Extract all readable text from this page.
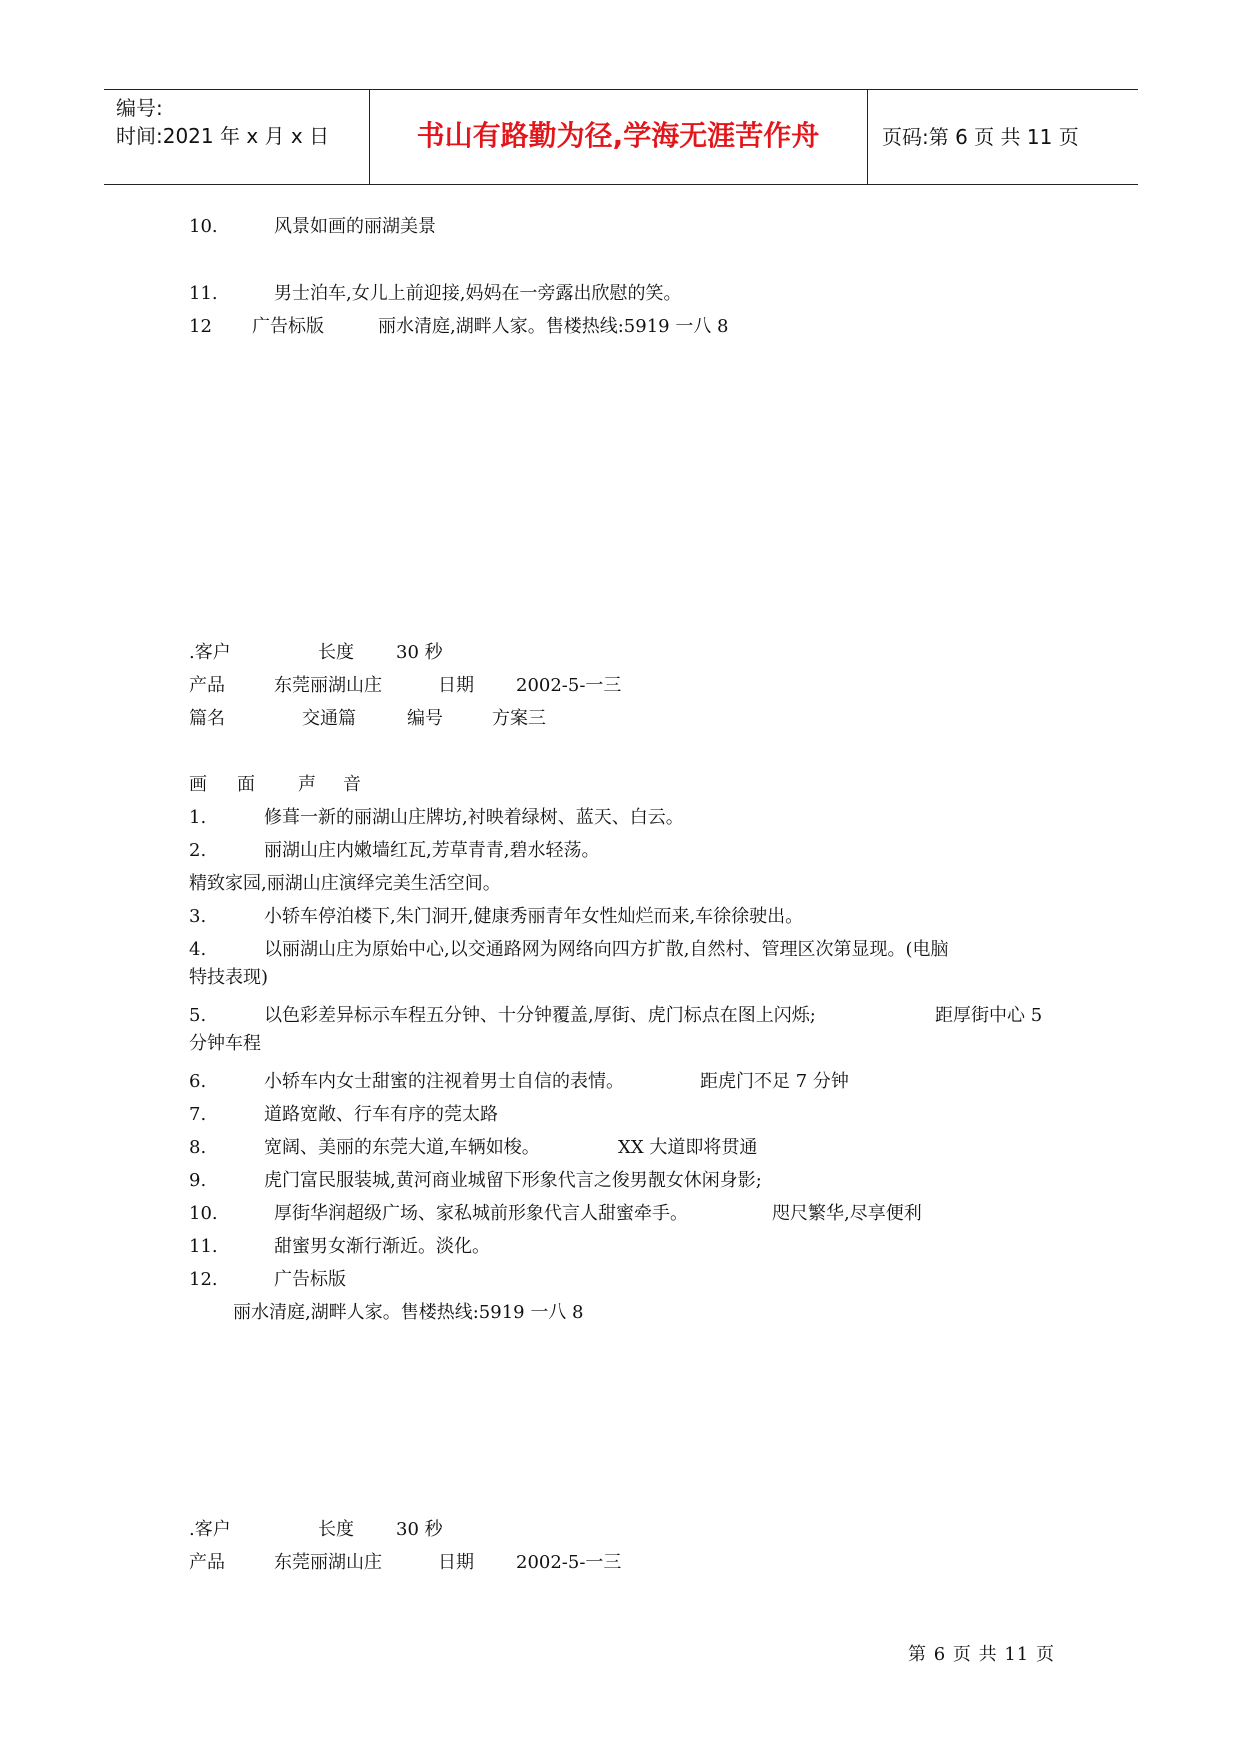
编号:
时间:2021 年 x 月 x 日	书山有路勤为径,学海无涯苦作舟	页码:第 6 页 共 11 页
10.	风景如画的丽湖美景
11.	男士泊车,女儿上前迎接,妈妈在一旁露出欣慰的笑。
12 广告标版	丽水清庭,湖畔人家。售楼热线:5919 一八 8
.客户	长度 30 秒
产品	东莞丽湖山庄	日期 2002-5-一三
篇名	交通篇	编号	方案三
画 面 声 音
1.	修葺一新的丽湖山庄牌坊,衬映着绿树、蓝天、白云。
2.	丽湖山庄内嫩墙红瓦,芳草青青,碧水轻荡。
精致家园,丽湖山庄演绎完美生活空间。
3.	小轿车停泊楼下,朱门洞开,健康秀丽青年女性灿烂而来,车徐徐驶出。
4.	以丽湖山庄为原始中心,以交通路网为网络向四方扩散,自然村、管理区次第显现。(电脑
特技表现)
5.	以色彩差异标示车程五分钟、十分钟覆盖,厚街、虎门标点在图上闪烁;	距厚街中心 5
分钟车程
6.	小轿车内女士甜蜜的注视着男士自信的表情。	距虎门不足 7 分钟
7.	道路宽敞、行车有序的莞太路
8.	宽阔、美丽的东莞大道,车辆如梭。	XX 大道即将贯通
9.	虎门富民服装城,黄河商业城留下形象代言之俊男靓女休闲身影;
10.	厚街华润超级广场、家私城前形象代言人甜蜜牵手。	咫尺繁华,尽享便利
11.	甜蜜男女渐行渐近。淡化。
12.	广告标版
丽水清庭,湖畔人家。售楼热线:5919 一八 8
.客户	长度 30 秒
产品	东莞丽湖山庄	日期 2002-5-一三
第 6 页 共 11 页
